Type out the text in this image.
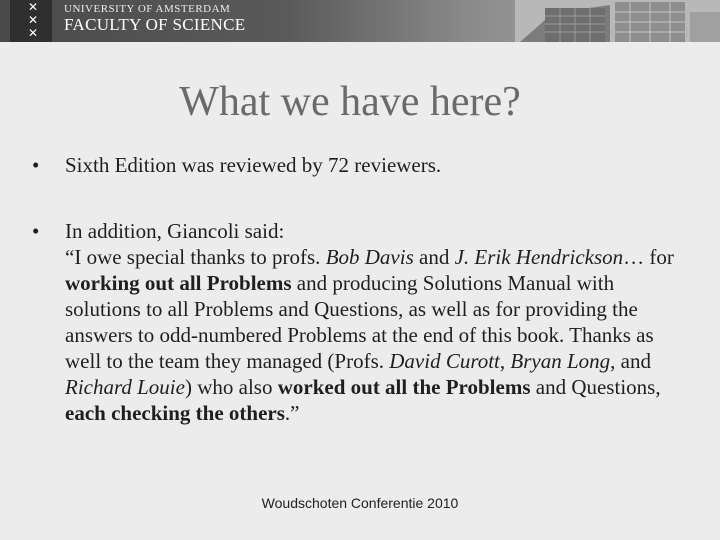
✕
✕
✕
UNIVERSITY OF AMSTERDAM
FACULTY OF SCIENCE
What we have here?
• Sixth Edition was reviewed by 72 reviewers.
• In addition, Giancoli said:
“I owe special thanks to profs. Bob Davis and J. Erik Hendrickson… for working out all Problems and producing Solutions Manual with solutions to all Problems and Questions, as well as for providing the answers to odd-numbered Problems at the end of this book. Thanks as well to the team they managed (Profs. David Curott, Bryan Long, and Richard Louie) who also worked out all the Problems and Questions, each checking the others.”
Woudschoten Conferentie 2010
